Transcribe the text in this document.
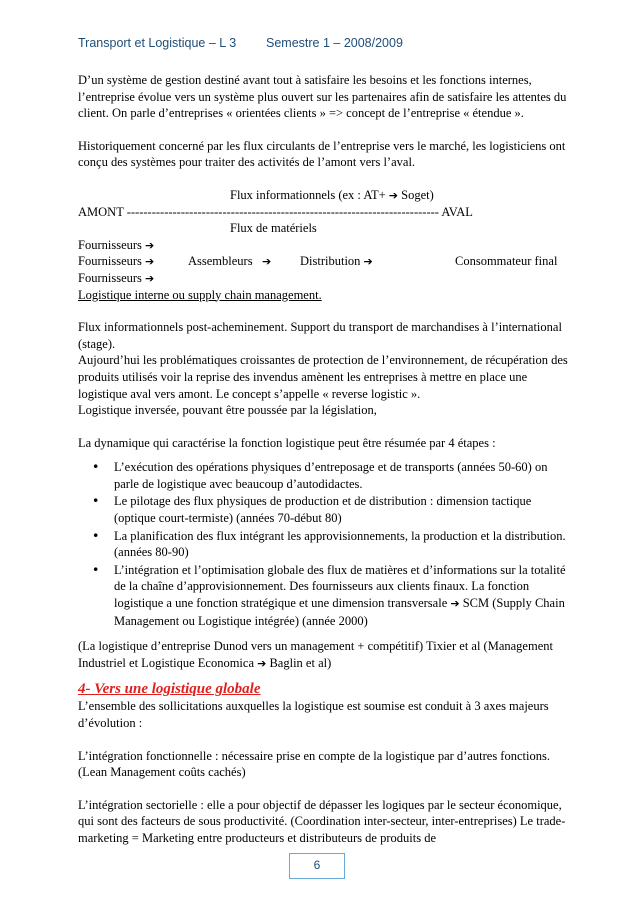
Transport et Logistique – L 3 Semestre 1 – 2008/2009

D’un système de gestion destiné avant tout à satisfaire les besoins et les fonctions internes, l’entreprise évolue vers un système plus ouvert sur les partenaires afin de satisfaire les attentes du client. On parle d’entreprises « orientées clients » => concept de l’entreprise « étendue ».

Historiquement concerné par les flux circulants de l’entreprise vers le marché, les logisticiens ont conçu des systèmes pour traiter des activités de l’amont vers l’aval.

Flux informationnels (ex : AT+ ➔ Soget)
AMONT --------------------------------------------------------------------------- AVAL
Flux de matériels
Fournisseurs ➔
Fournisseurs ➔	Assembleurs ➔ Distribution ➔	Consommateur final
Fournisseurs ➔
Logistique interne ou supply chain management.

Flux informationnels post-acheminement. Support du transport de marchandises à l’international (stage).

Aujourd’hui les problématiques croissantes de protection de l’environnement, de récupération des produits utilisés voir la reprise des invendus amènent les entreprises à mettre en place une logistique aval vers amont. Le concept s’appelle « reverse logistic ».

Logistique inversée, pouvant être poussée par la législation,

La dynamique qui caractérise la fonction logistique peut être résumée par 4 étapes :

• L’exécution des opérations physiques d’entreposage et de transports (années 50-60) on parle de logistique avec beaucoup d’autodidactes.
• Le pilotage des flux physiques de production et de distribution : dimension tactique (optique court-termiste) (années 70-début 80)
• La planification des flux intégrant les approvisionnements, la production et la distribution. (années 80-90)
• L’intégration et l’optimisation globale des flux de matières et d’informations sur la totalité de la chaîne d’approvisionnement. Des fournisseurs aux clients finaux. La fonction logistique a une fonction stratégique et une dimension transversale ➔ SCM (Supply Chain Management ou Logistique intégrée) (année 2000)

(La logistique d’entreprise Dunod vers un management + compétitif) Tixier et al (Management Industriel et Logistique Economica ➔ Baglin et al)

4- Vers une logistique globale

L’ensemble des sollicitations auxquelles la logistique est soumise est conduit à 3 axes majeurs d’évolution :

L’intégration fonctionnelle : nécessaire prise en compte de la logistique par d’autres fonctions. (Lean Management coûts cachés)

L’intégration sectorielle : elle a pour objectif de dépasser les logiques par le secteur économique, qui sont des facteurs de sous productivité. (Coordination inter-secteur, inter-entreprises) Le trade-marketing = Marketing entre producteurs et distributeurs de produits de

6
